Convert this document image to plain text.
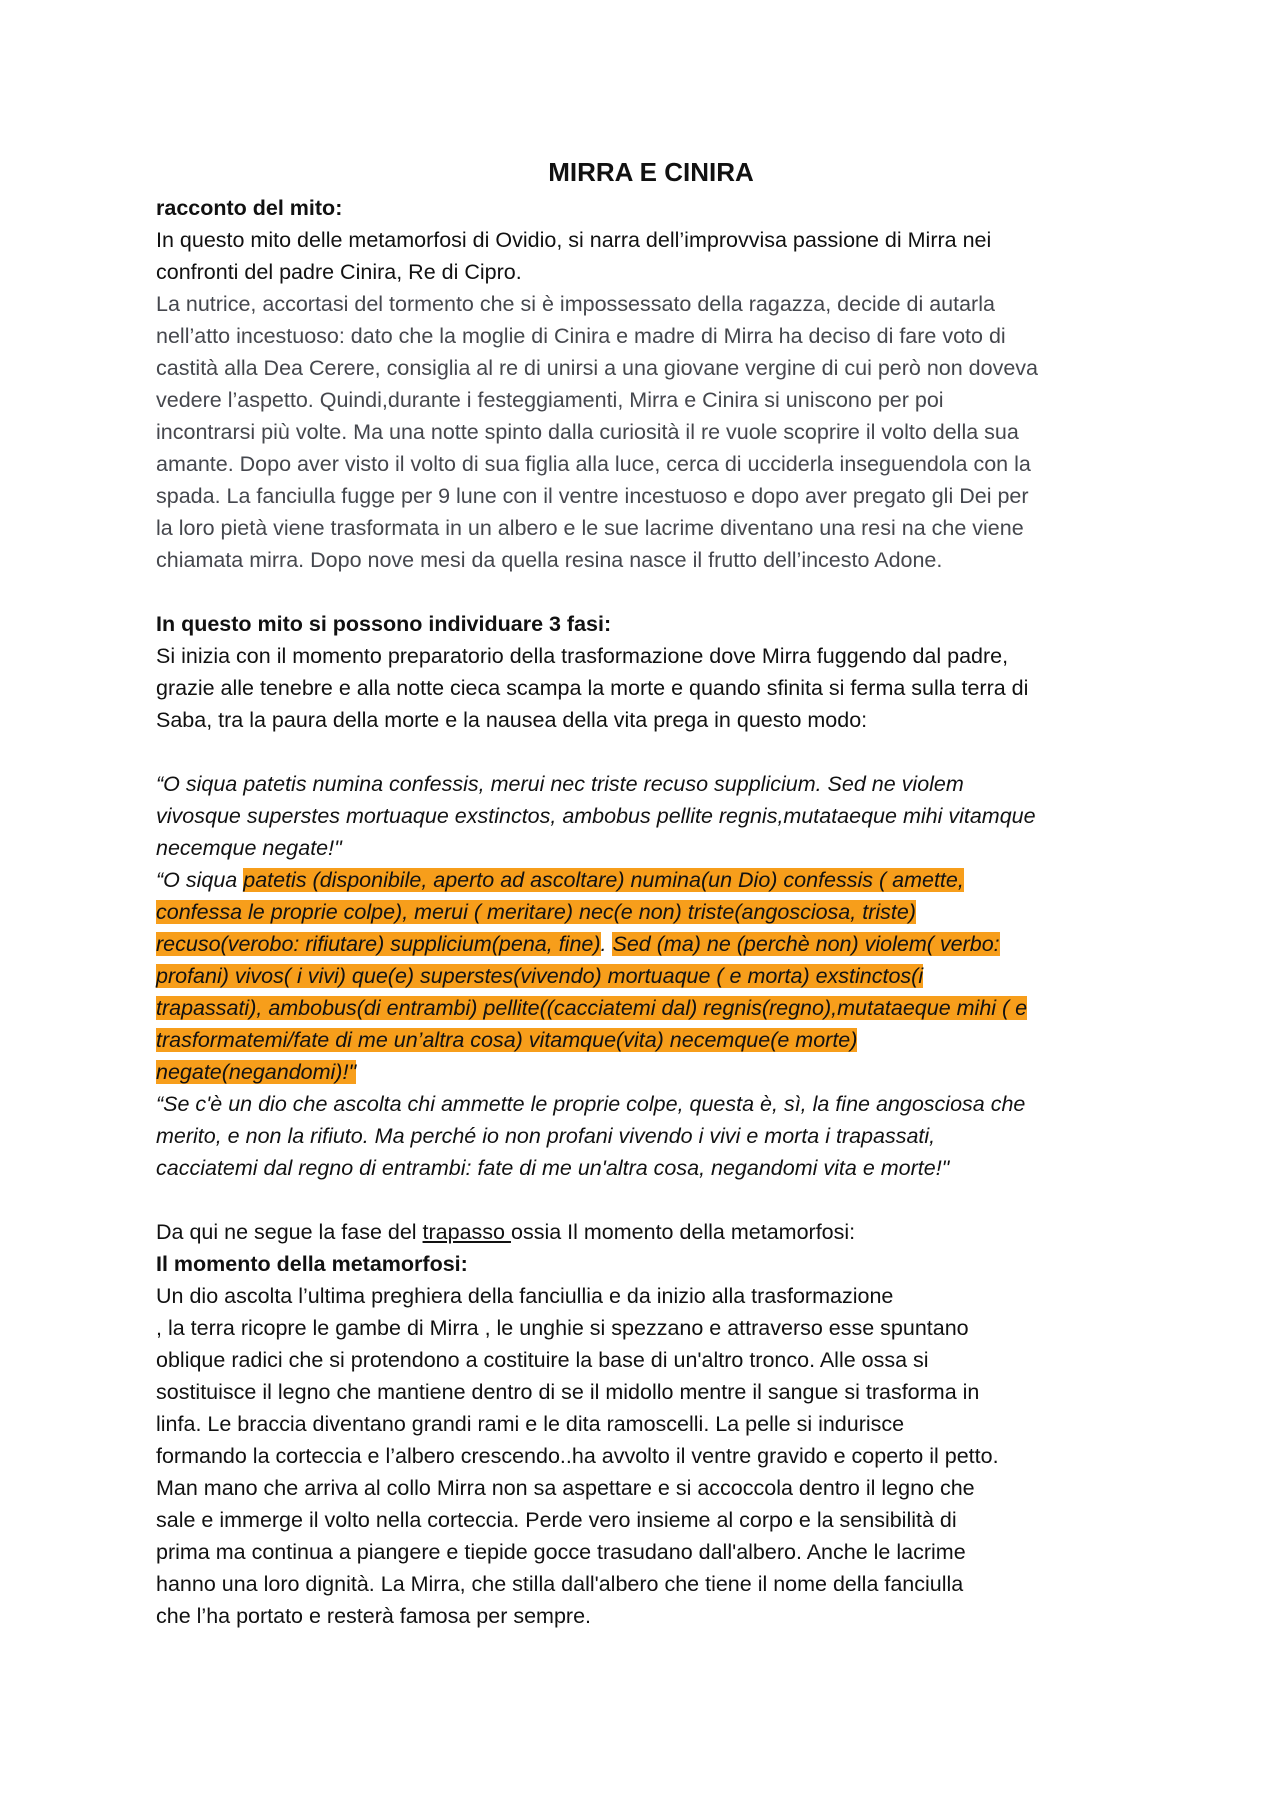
MIRRA E CINIRA

racconto del mito:

In questo mito delle metamorfosi di Ovidio, si narra dell’improvvisa passione di Mirra nei

confronti del padre Cinira, Re di Cipro.

La nutrice, accortasi del tormento che si è impossessato della ragazza, decide di autarla

nell’atto incestuoso: dato che la moglie di Cinira e madre di Mirra ha deciso di fare voto di

castità alla Dea Cerere, consiglia al re di unirsi a una giovane vergine di cui però non doveva

vedere l’aspetto. Quindi,durante i festeggiamenti, Mirra e Cinira si uniscono per poi

incontrarsi più volte. Ma una notte spinto dalla curiosità il re vuole scoprire il volto della sua

amante. Dopo aver visto il volto di sua figlia alla luce, cerca di ucciderla inseguendola con la

spada. La fanciulla fugge per 9 lune con il ventre incestuoso e dopo aver pregato gli Dei per

la loro pietà viene trasformata in un albero e le sue lacrime diventano una resi na che viene

chiamata mirra. Dopo nove mesi da quella resina nasce il frutto dell’incesto Adone.

In questo mito si possono individuare 3 fasi:

Si inizia con il momento preparatorio della trasformazione dove Mirra fuggendo dal padre,

grazie alle tenebre e alla notte cieca scampa la morte e quando sfinita si ferma sulla terra di

Saba, tra la paura della morte e la nausea della vita prega in questo modo:

“O siqua patetis numina confessis, merui nec triste recuso supplicium. Sed ne violem

vivosque superstes mortuaque exstinctos, ambobus pellite regnis,mutataeque mihi vitamque

necemque negate!"

“O siqua patetis (disponibile, aperto ad ascoltare) numina(un Dio) confessis ( amette,

confessa le proprie colpe), merui ( meritare) nec(e non) triste(angosciosa, triste)

recuso(verobo: rifiutare) supplicium(pena, fine). Sed (ma) ne (perchè non) violem( verbo:

profani) vivos( i vivi) que(e) superstes(vivendo) mortuaque ( e morta) exstinctos(i

trapassati), ambobus(di entrambi) pellite((cacciatemi dal) regnis(regno),mutataeque mihi ( e

trasformatemi/fate di me un’altra cosa) vitamque(vita) necemque(e morte)

negate(negandomi)!"

“Se c'è un dio che ascolta chi ammette le proprie colpe, questa è, sì, la fine angosciosa che

merito, e non la rifiuto. Ma perché io non profani vivendo i vivi e morta i trapassati,

cacciatemi dal regno di entrambi: fate di me un'altra cosa, negandomi vita e morte!"

Da qui ne segue la fase del trapasso ossia Il momento della metamorfosi:

Il momento della metamorfosi:

Un dio ascolta l’ultima preghiera della fanciullia e da inizio alla trasformazione

, la terra ricopre le gambe di Mirra , le unghie si spezzano e attraverso esse spuntano

oblique radici che si protendono a costituire la base di un'altro tronco. Alle ossa si

sostituisce il legno che mantiene dentro di se il midollo mentre il sangue si trasforma in

linfa. Le braccia diventano grandi rami e le dita ramoscelli. La pelle si indurisce

formando la corteccia e l’albero crescendo..ha avvolto il ventre gravido e coperto il petto.

Man mano che arriva al collo Mirra non sa aspettare e si accoccola dentro il legno che

sale e immerge il volto nella corteccia. Perde vero insieme al corpo e la sensibilità di

prima ma continua a piangere e tiepide gocce trasudano dall'albero. Anche le lacrime

hanno una loro dignità. La Mirra, che stilla dall'albero che tiene il nome della fanciulla

che l’ha portato e resterà famosa per sempre.
